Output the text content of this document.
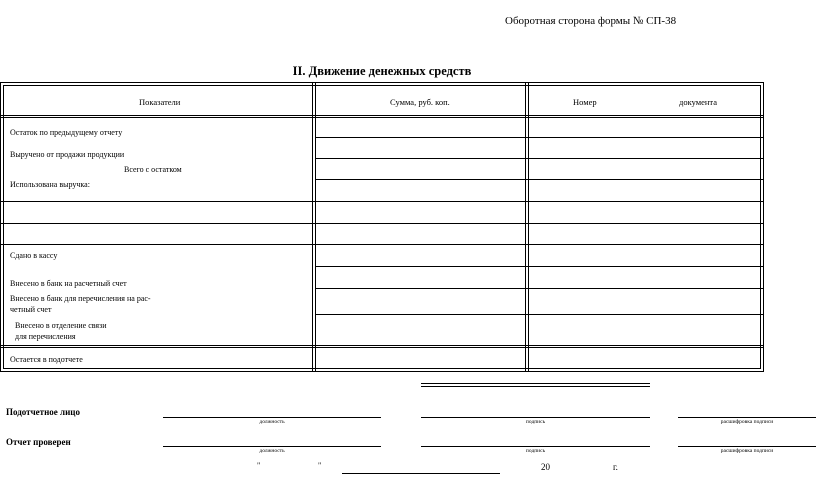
Оборотная сторона формы № СП-38
II. Движение денежных средств
Показатели	Сумма, руб. коп.	Номер	документа
Остаток по предыдущему отчету
Выручено от продажи продукции
Всего с остатком
Использована выручка:
Сдано в кассу
Внесено в банк на расчетный счет
Внесено в банк для перечисления на рас-
четный счет
Внесено в отделение связи
для перечисления
Остается в подотчете
Подотчетное лицо
должность	подпись	расшифровка подписи
Отчет проверен
должность	подпись	расшифровка подписи
"	"	20	г.
